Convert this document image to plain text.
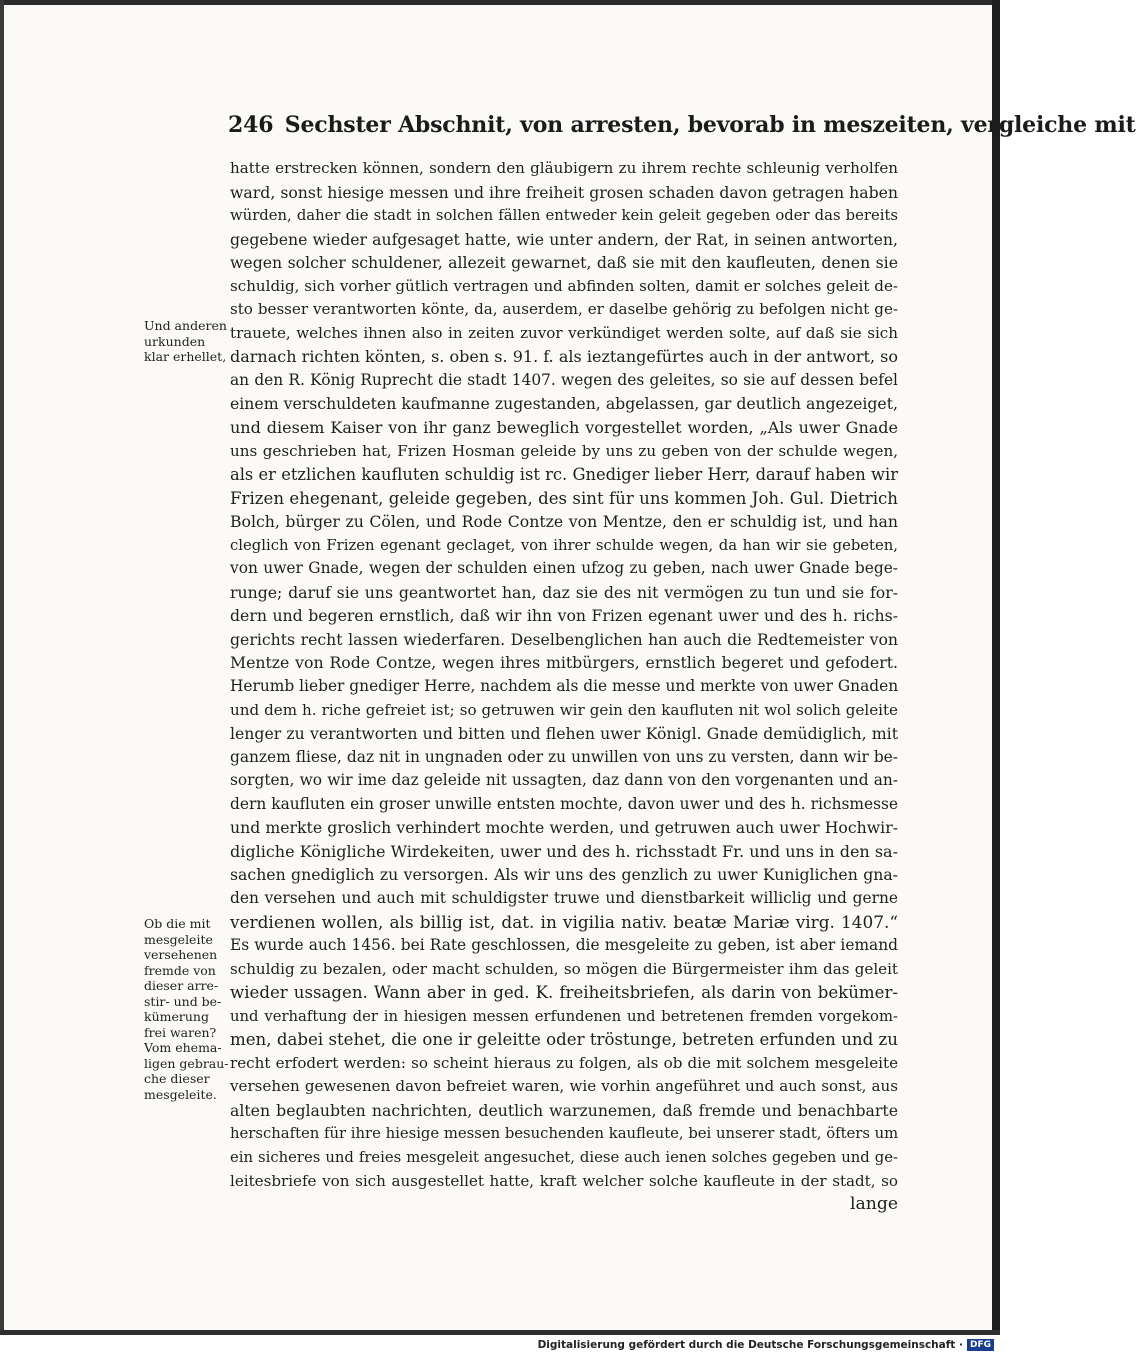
246 Sechster Abschnit, von arresten, bevorab in meszeiten, vergleiche mit
Und anderen
urkunden
klar erhellet,
Ob die mit
mesgeleite
versehenen
fremde von
dieser arre-
stir- und be-
kümerung
frei waren?
Vom ehema-
ligen gebrau-
che dieser
mesgeleite.
hatte erstrecken können, sondern den gläubigern zu ihrem rechte schleunig verholfen
ward, sonst hiesige messen und ihre freiheit grosen schaden davon getragen haben
würden, daher die stadt in solchen fällen entweder kein geleit gegeben oder das bereits
gegebene wieder aufgesaget hatte, wie unter andern, der Rat, in seinen antworten,
wegen solcher schuldener, allezeit gewarnet, daß sie mit den kaufleuten, denen sie
schuldig, sich vorher gütlich vertragen und abfinden solten, damit er solches geleit de-
sto besser verantworten könte, da, auserdem, er daselbe gehörig zu befolgen nicht ge-
trauete, welches ihnen also in zeiten zuvor verkündiget werden solte, auf daß sie sich
darnach richten könten, s. oben s. 91. f. als ieztangefürtes auch in der antwort, so
an den R. König Ruprecht die stadt 1407. wegen des geleites, so sie auf dessen befel
einem verschuldeten kaufmanne zugestanden, abgelassen, gar deutlich angezeiget,
und diesem Kaiser von ihr ganz beweglich vorgestellet worden, „Als uwer Gnade
uns geschrieben hat, Frizen Hosman geleide by uns zu geben von der schulde wegen,
als er etzlichen kaufluten schuldig ist rc. Gnediger lieber Herr, darauf haben wir
Frizen ehegenant, geleide gegeben, des sint für uns kommen Joh. Gul. Dietrich
Bolch, bürger zu Cölen, und Rode Contze von Mentze, den er schuldig ist, und han
cleglich von Frizen egenant geclaget, von ihrer schulde wegen, da han wir sie gebeten,
von uwer Gnade, wegen der schulden einen ufzog zu geben, nach uwer Gnade bege-
runge; daruf sie uns geantwortet han, daz sie des nit vermögen zu tun und sie for-
dern und begeren ernstlich, daß wir ihn von Frizen egenant uwer und des h. richs-
gerichts recht lassen wiederfaren. Deselbenglichen han auch die Redtemeister von
Mentze von Rode Contze, wegen ihres mitbürgers, ernstlich begeret und gefodert.
Herumb lieber gnediger Herre, nachdem als die messe und merkte von uwer Gnaden
und dem h. riche gefreiet ist; so getruwen wir gein den kaufluten nit wol solich geleite
lenger zu verantworten und bitten und flehen uwer Königl. Gnade demüdiglich, mit
ganzem fliese, daz nit in ungnaden oder zu unwillen von uns zu versten, dann wir be-
sorgten, wo wir ime daz geleide nit ussagten, daz dann von den vorgenanten und an-
dern kaufluten ein groser unwille entsten mochte, davon uwer und des h. richsmesse
und merkte groslich verhindert mochte werden, und getruwen auch uwer Hochwir-
digliche Königliche Wirdekeiten, uwer und des h. richsstadt Fr. und uns in den sa-
sachen gnediglich zu versorgen. Als wir uns des genzlich zu uwer Kuniglichen gna-
den versehen und auch mit schuldigster truwe und dienstbarkeit williclig und gerne
verdienen wollen, als billig ist, dat. in vigilia nativ. beatæ Mariæ virg. 1407.“
Es wurde auch 1456. bei Rate geschlossen, die mesgeleite zu geben, ist aber iemand
schuldig zu bezalen, oder macht schulden, so mögen die Bürgermeister ihm das geleit
wieder ussagen. Wann aber in ged. K. freiheitsbriefen, als darin von bekümer-
und verhaftung der in hiesigen messen erfundenen und betretenen fremden vorgekom-
men, dabei stehet, die one ir geleitte oder tröstunge, betreten erfunden und zu
recht erfodert werden: so scheint hieraus zu folgen, als ob die mit solchem mesgeleite
versehen gewesenen davon befreiet waren, wie vorhin angeführet und auch sonst, aus
alten beglaubten nachrichten, deutlich warzunemen, daß fremde und benachbarte
herschaften für ihre hiesige messen besuchenden kaufleute, bei unserer stadt, öfters um
ein sicheres und freies mesgeleit angesuchet, diese auch ienen solches gegeben und ge-
leitesbriefe von sich ausgestellet hatte, kraft welcher solche kaufleute in der stadt, so
lange
Digitalisierung gefördert durch die Deutsche Forschungsgemeinschaft · DFG
